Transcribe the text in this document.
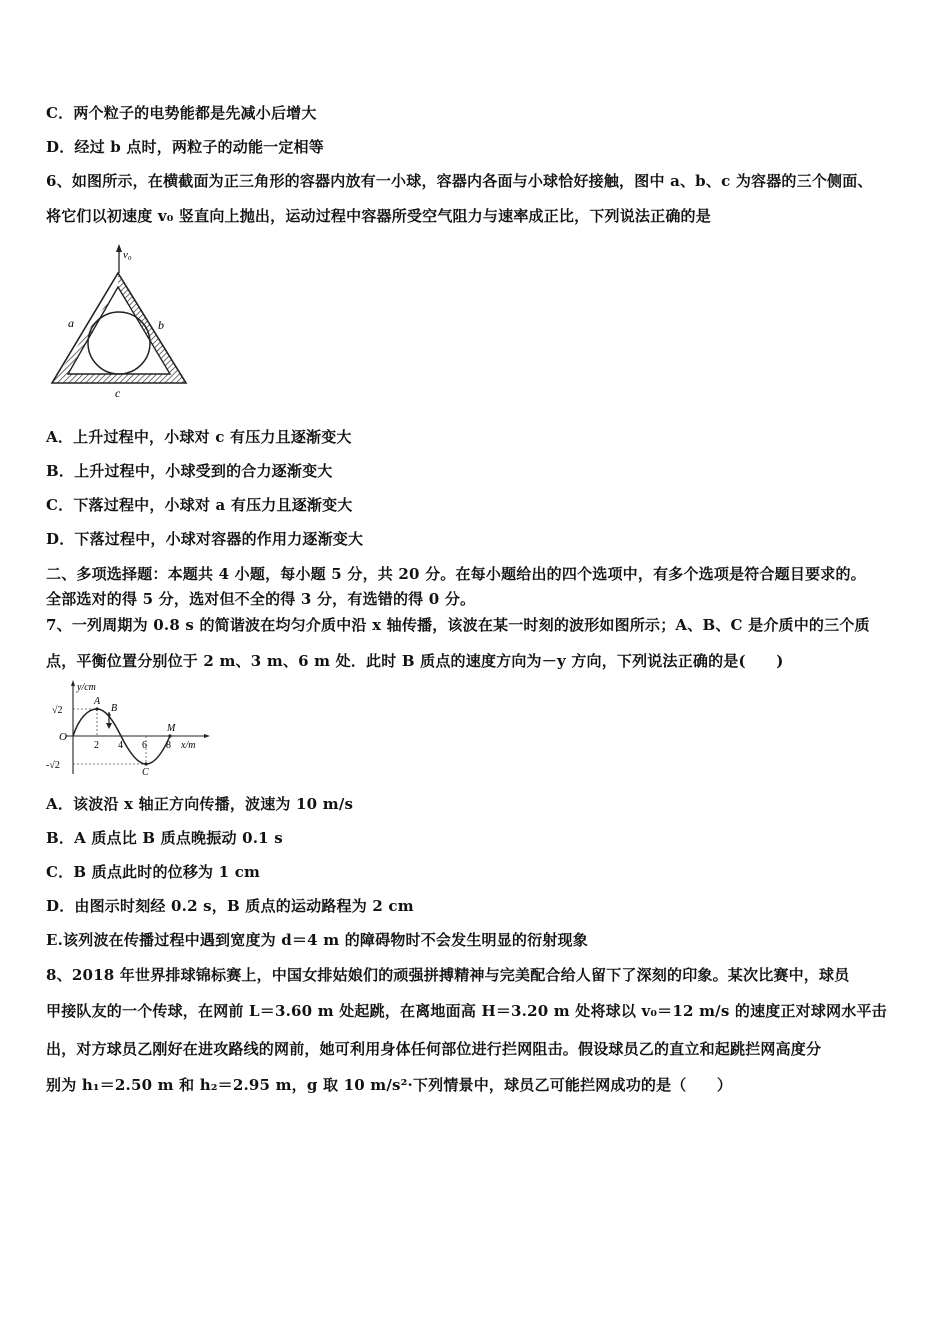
C．两个粒子的电势能都是先减小后增大
D．经过 b 点时，两粒子的动能一定相等
6、如图所示，在横截面为正三角形的容器内放有一小球，容器内各面与小球恰好接触，图中 a、b、c 为容器的三个侧面、
将它们以初速度 v₀ 竖直向上抛出，运动过程中容器所受空气阻力与速率成正比，下列说法正确的是
v₀
a	b
c
A．上升过程中，小球对 c 有压力且逐渐变大
B．上升过程中，小球受到的合力逐渐变大
C．下落过程中，小球对 a 有压力且逐渐变大
D．下落过程中，小球对容器的作用力逐渐变大
二、多项选择题：本题共 4 小题，每小题 5 分，共 20 分。在每小题给出的四个选项中，有多个选项是符合题目要求的。
全部选对的得 5 分，选对但不全的得 3 分，有选错的得 0 分。
7、一列周期为 0.8 s 的简谐波在均匀介质中沿 x 轴传播，该波在某一时刻的波形如图所示；A、B、C 是介质中的三个质
点，平衡位置分别位于 2 m、3 m、6 m 处．此时 B 质点的速度方向为－y 方向，下列说法正确的是(　　)
y/cm
x/m
O
√2
-√2
A
B
C
M
2 4 6 8
A．该波沿 x 轴正方向传播，波速为 10 m/s
B．A 质点比 B 质点晚振动 0.1 s
C．B 质点此时的位移为 1 cm
D．由图示时刻经 0.2 s，B 质点的运动路程为 2 cm
E.该列波在传播过程中遇到宽度为 d＝4 m 的障碍物时不会发生明显的衍射现象
8、2018 年世界排球锦标赛上，中国女排姑娘们的顽强拼搏精神与完美配合给人留下了深刻的印象。某次比赛中，球员
甲接队友的一个传球，在网前 L＝3.60 m 处起跳，在离地面高 H＝3.20 m 处将球以 v₀＝12 m/s 的速度正对球网水平击
出，对方球员乙刚好在进攻路线的网前，她可利用身体任何部位进行拦网阻击。假设球员乙的直立和起跳拦网高度分
别为 h₁＝2.50 m 和 h₂＝2.95 m，g 取 10 m/s²·下列情景中，球员乙可能拦网成功的是（　　）
